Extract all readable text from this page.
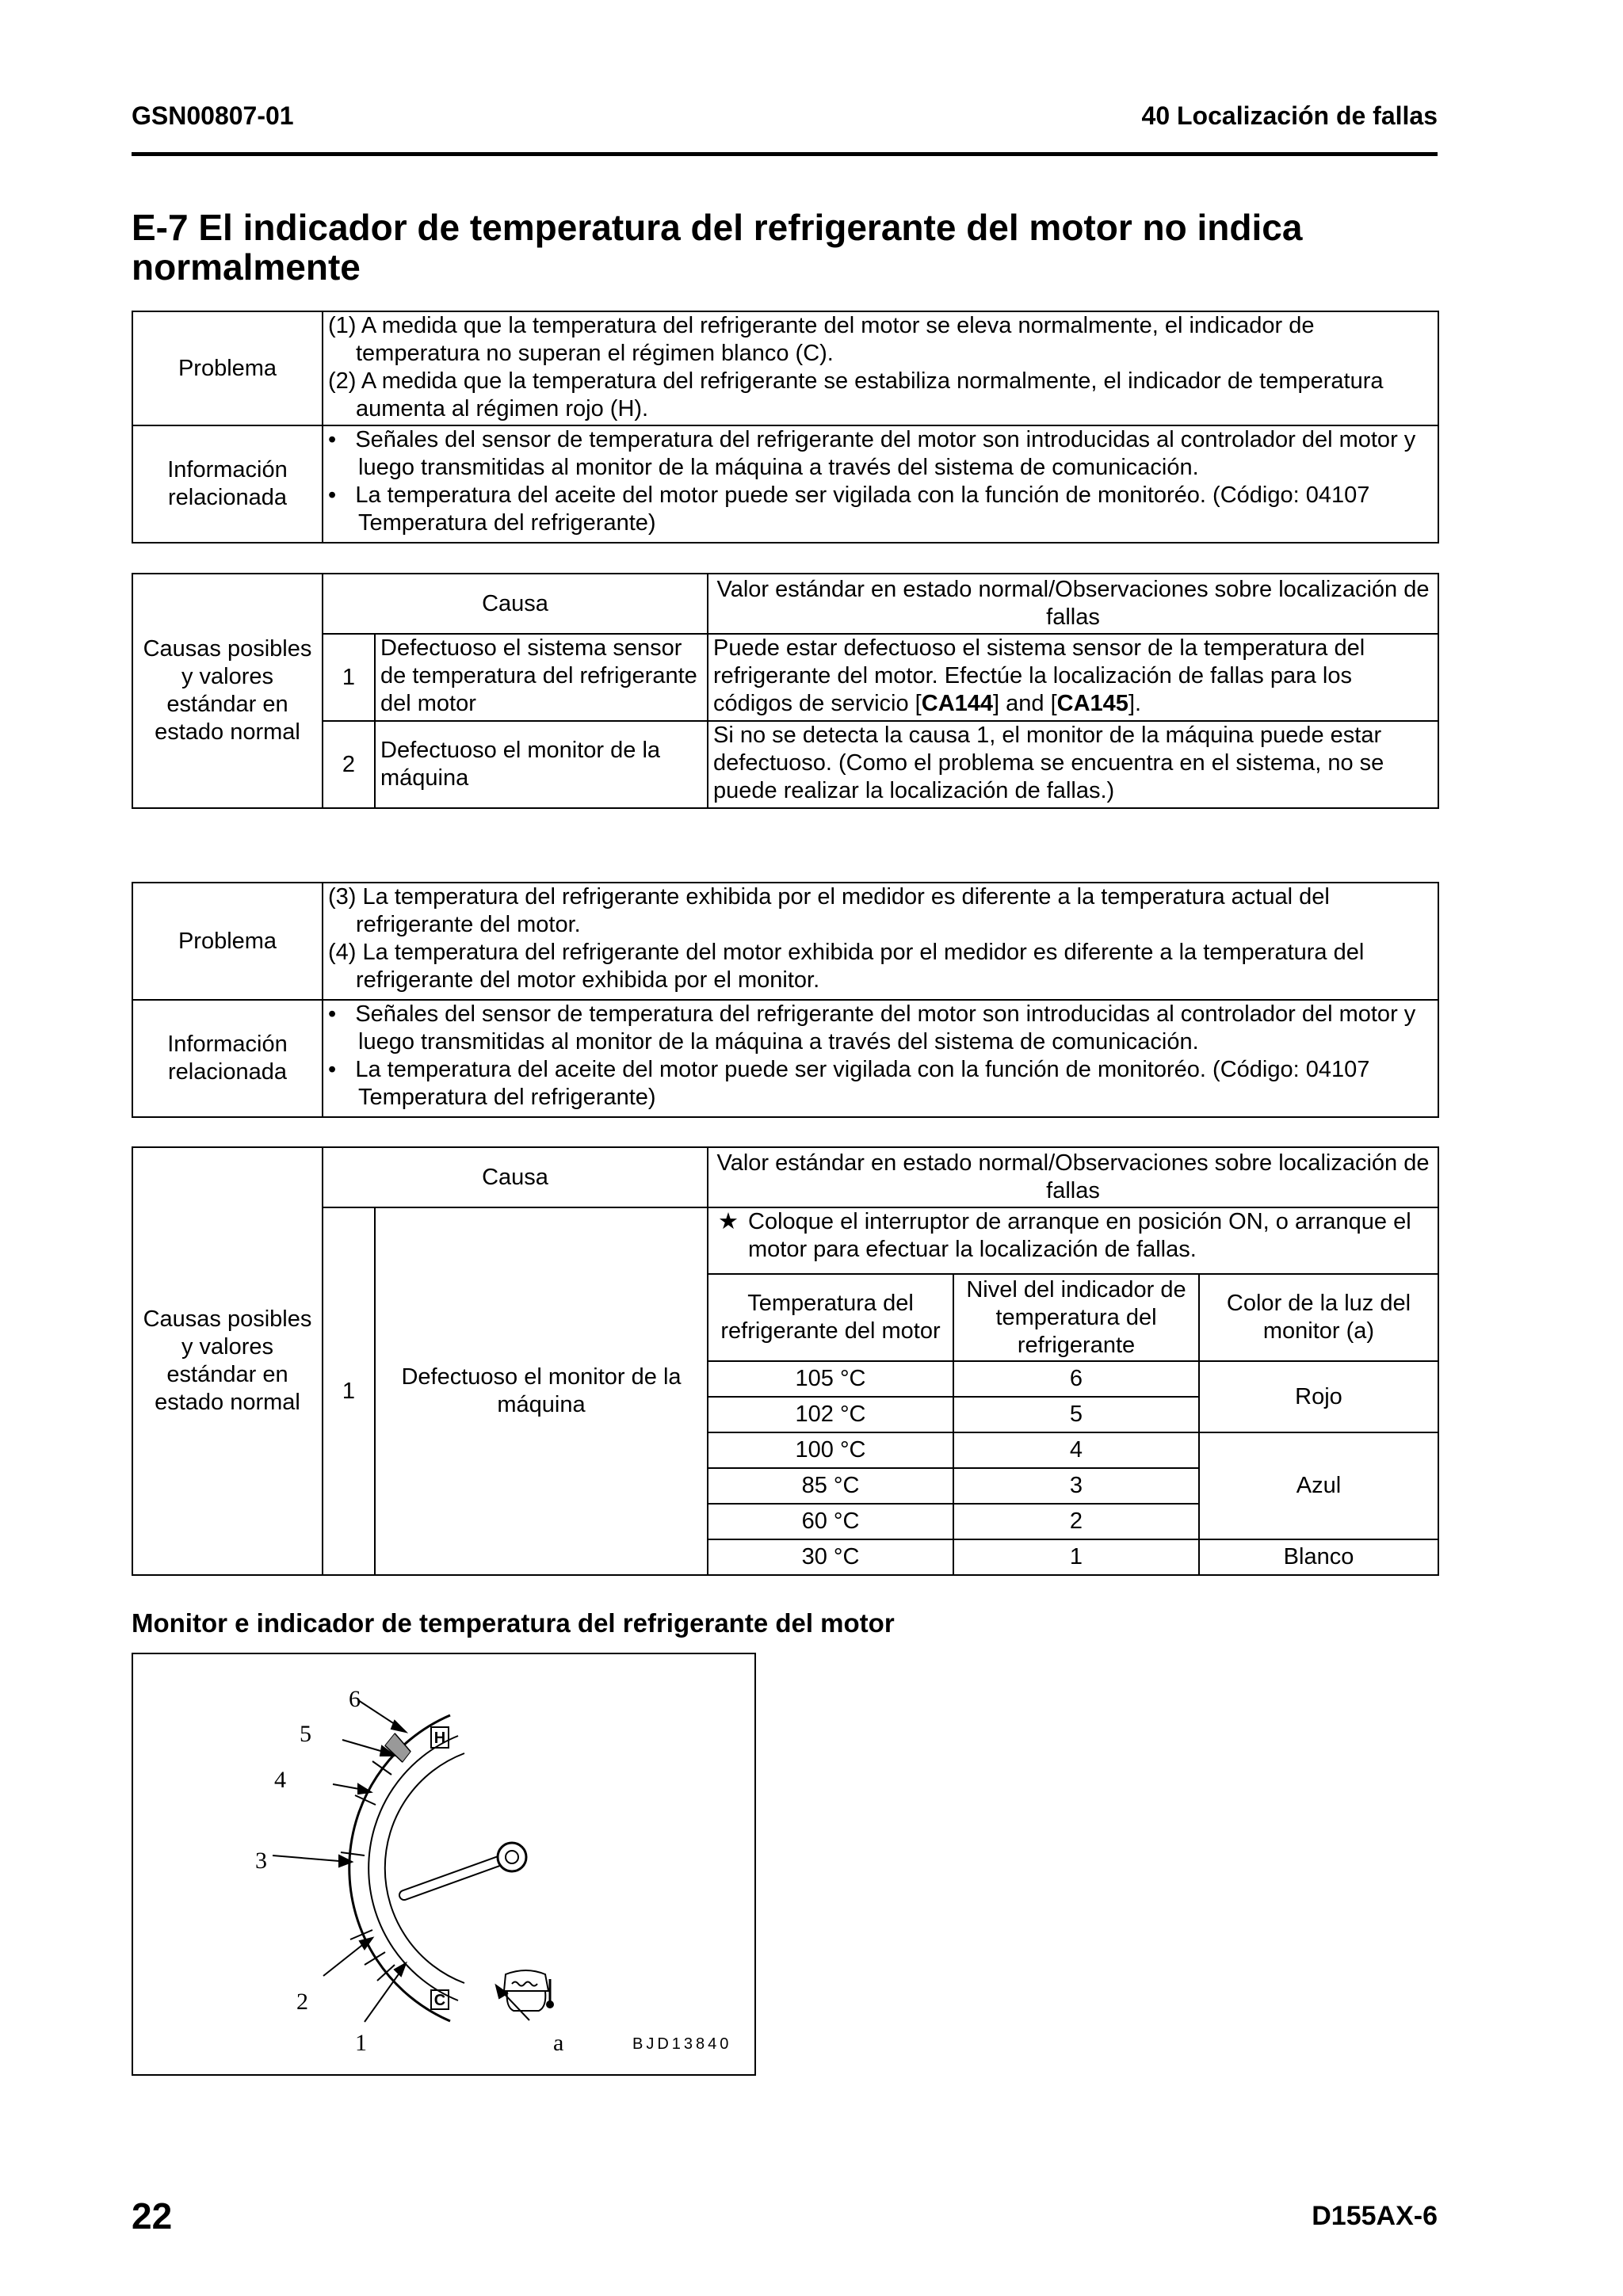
GSN00807-01	40 Localización de fallas
E-7 El indicador de temperatura del refrigerante del motor no indica normalmente
Problema	(1) A medida que la temperatura del refrigerante del motor se eleva normalmente, el indicador de temperatura no superan el régimen blanco (C).
(2) A medida que la temperatura del refrigerante se estabiliza normalmente, el indicador de temperatura aumenta al régimen rojo (H).

Información relacionada	•   Señales del sensor de temperatura del refrigerante del motor son introducidas al controlador del motor y luego transmitidas al monitor de la máquina a través del sistema de comunicación.
•   La temperatura del aceite del motor puede ser vigilada con la función de monitoréo. (Código: 04107 Temperatura del refrigerante)
Causas posibles y valores estándar en estado normal	Causa		Valor estándar en estado normal/Observaciones sobre localización de fallas
	1	Defectuoso el sistema sensor de temperatura del refrigerante del motor	Puede estar defectuoso el sistema sensor de la temperatura del refrigerante del motor. Efectúe la localización de fallas para los códigos de servicio [CA144] and [CA145].
	2	Defectuoso el monitor de la máquina	Si no se detecta la causa 1, el monitor de la máquina puede estar defectuoso. (Como el problema se encuentra en el sistema, no se puede realizar la localización de fallas.)
Problema	(3) La temperatura del refrigerante exhibida por el medidor es diferente a la temperatura actual del refrigerante del motor.
(4) La temperatura del refrigerante del motor exhibida por el medidor es diferente a la temperatura del refrigerante del motor exhibida por el monitor.

Información relacionada	•   Señales del sensor de temperatura del refrigerante del motor son introducidas al controlador del motor y luego transmitidas al monitor de la máquina a través del sistema de comunicación.
•   La temperatura del aceite del motor puede ser vigilada con la función de monitoréo. (Código: 04107 Temperatura del refrigerante)
Causas posibles y valores estándar en estado normal	Causa		Valor estándar en estado normal/Observaciones sobre localización de fallas		
	1	Defectuoso el monitor de la máquina	★ Coloque el interruptor de arranque en posición ON, o arranque el motor para efectuar la localización de fallas.		

			Temperatura del refrigerante del motor	Nivel del indicador de temperatura del refrigerante	Color de la luz del monitor (a)
			105 °C	6	Rojo
			102 °C	5	
			100 °C	4	Azul
			85 °C	3	
			60 °C	2	
			30 °C	1	Blanco

Monitor e indicador de temperatura del refrigerante del motor
H
C
6
5
4
3
2
1	a	BJD13840
22	D155AX-6
